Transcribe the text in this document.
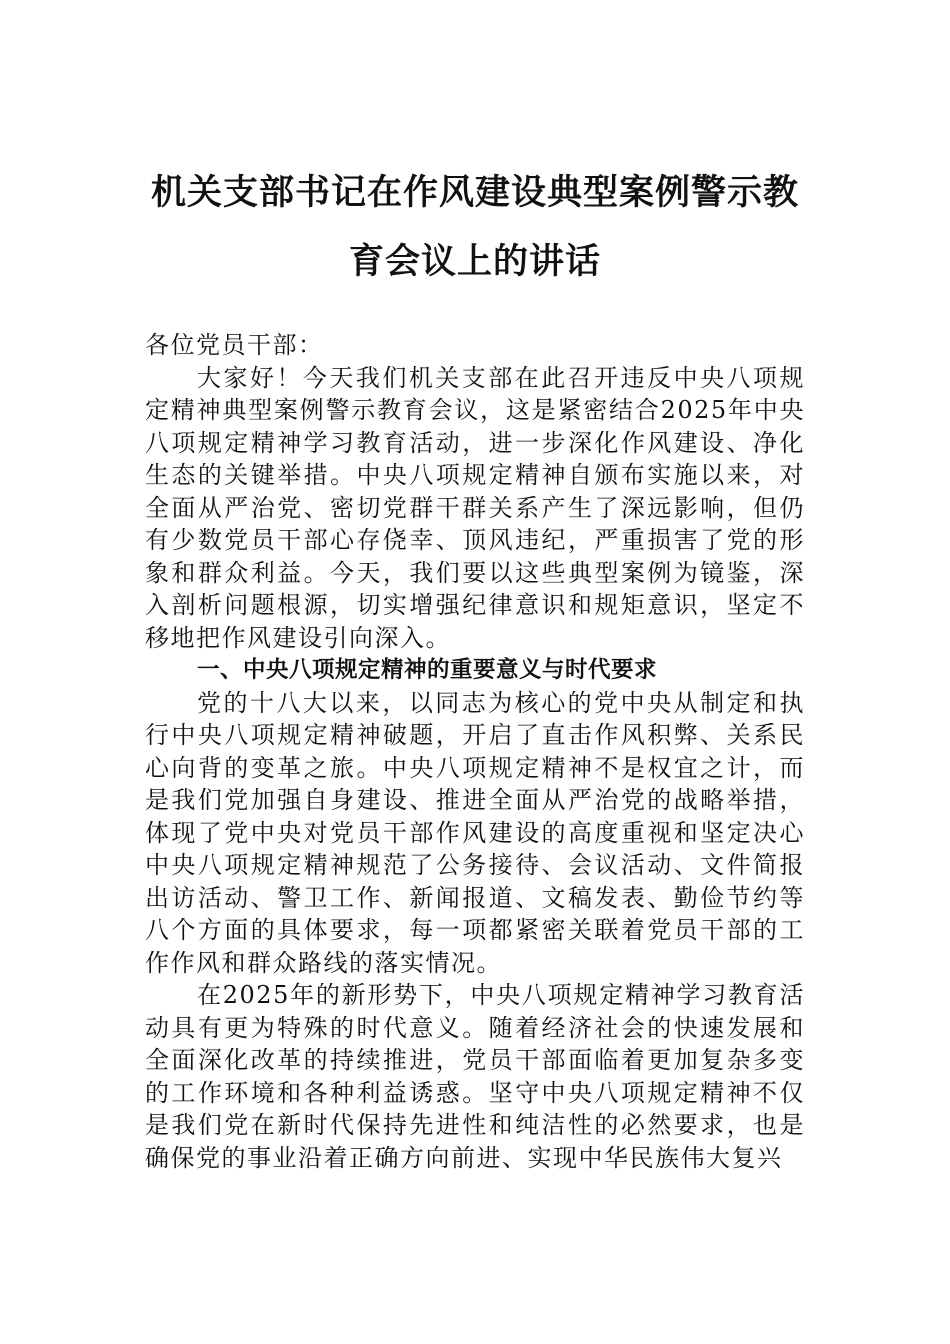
机关支部书记在作风建设典型案例警示教
育会议上的讲话

各位党员干部：

大家好！今天我们机关支部在此召开违反中央八项规定精神典型案例警示教育会议，这是紧密结合2025年中央八项规定精神学习教育活动，进一步深化作风建设、净化生态的关键举措。中央八项规定精神自颁布实施以来，对全面从严治党、密切党群干群关系产生了深远影响，但仍有少数党员干部心存侥幸、顶风违纪，严重损害了党的形象和群众利益。今天，我们要以这些典型案例为镜鉴，深入剖析问题根源，切实增强纪律意识和规矩意识，坚定不移地把作风建设引向深入。

一、中央八项规定精神的重要意义与时代要求

党的十八大以来，以同志为核心的党中央从制定和执行中央八项规定精神破题，开启了直击作风积弊、关系民心向背的变革之旅。中央八项规定精神不是权宜之计，而是我们党加强自身建设、推进全面从严治党的战略举措，体现了党中央对党员干部作风建设的高度重视和坚定决心中央八项规定精神规范了公务接待、会议活动、文件简报出访活动、警卫工作、新闻报道、文稿发表、勤俭节约等八个方面的具体要求，每一项都紧密关联着党员干部的工作作风和群众路线的落实情况。

在2025年的新形势下，中央八项规定精神学习教育活动具有更为特殊的时代意义。随着经济社会的快速发展和全面深化改革的持续推进，党员干部面临着更加复杂多变的工作环境和各种利益诱惑。坚守中央八项规定精神不仅是我们党在新时代保持先进性和纯洁性的必然要求，也是确保党的事业沿着正确方向前进、实现中华民族伟大复兴
